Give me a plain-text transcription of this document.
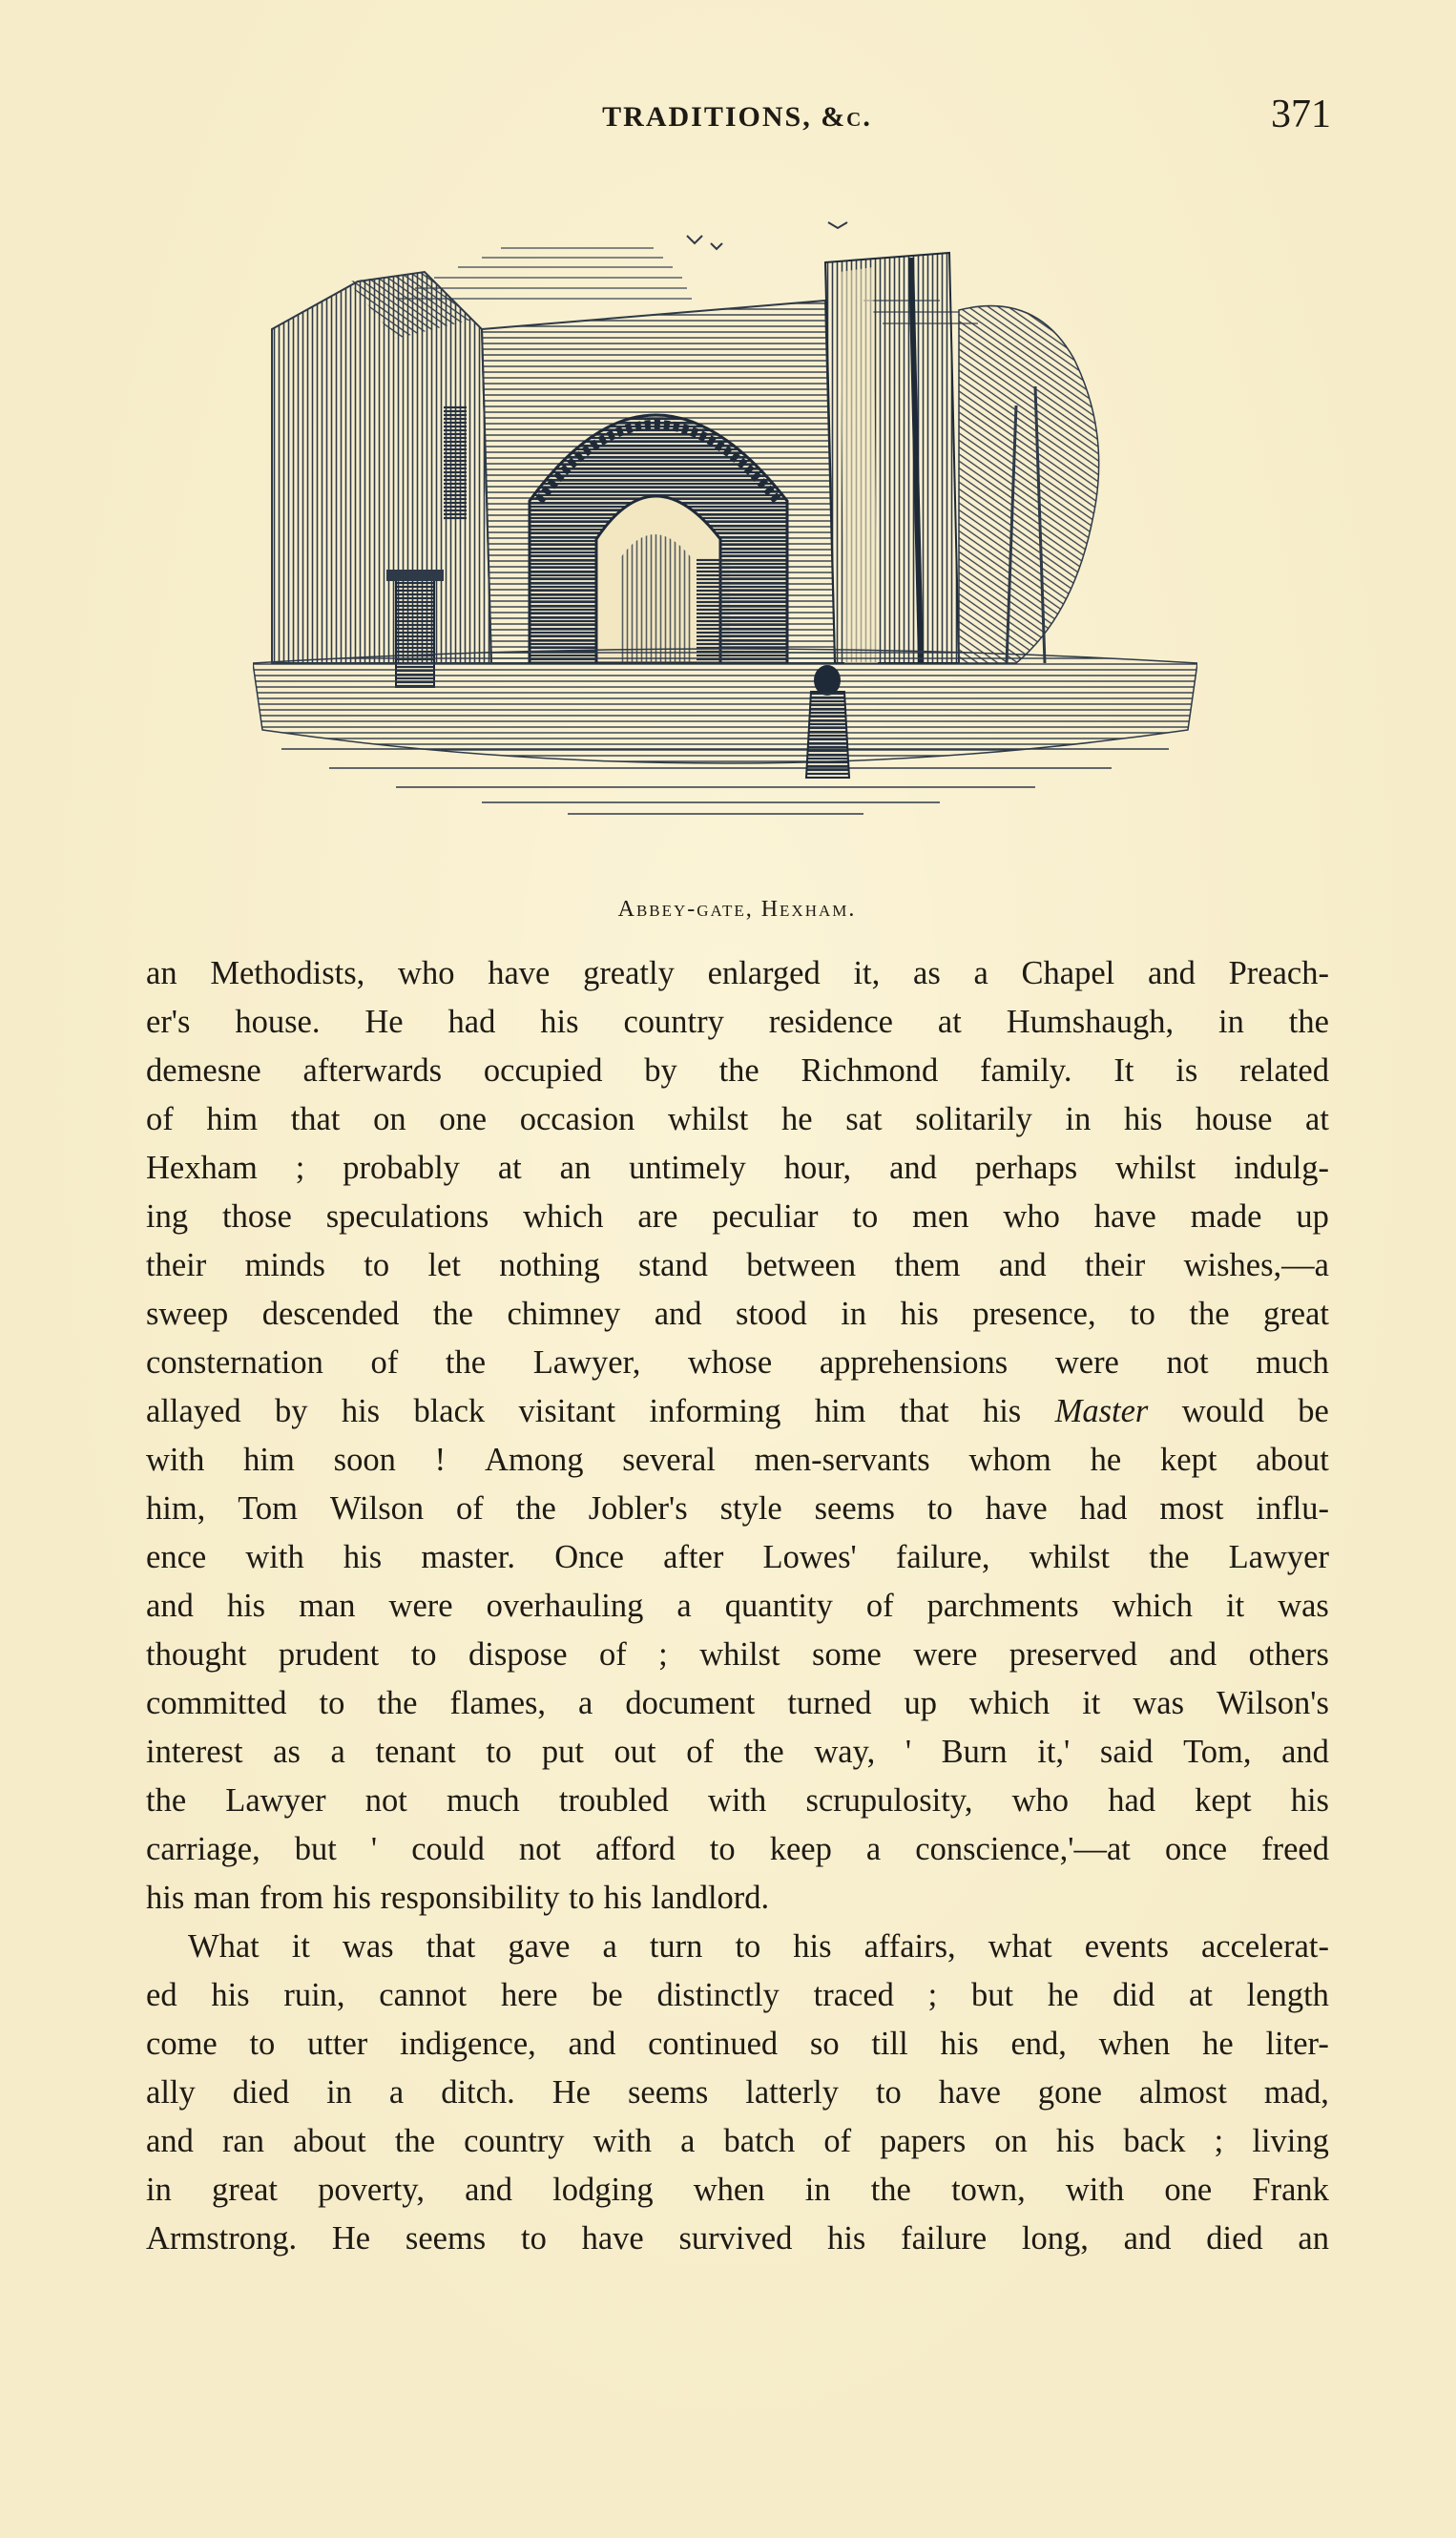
TRADITIONS, &c.	371
Abbey-gate, Hexham.
an Methodists, who have greatly enlarged it, as a Chapel and Preach-
er's house. He had his country residence at Humshaugh, in the
demesne afterwards occupied by the Richmond family. It is related
of him that on one occasion whilst he sat solitarily in his house at
Hexham ; probably at an untimely hour, and perhaps whilst indulg-
ing those speculations which are peculiar to men who have made up
their minds to let nothing stand between them and their wishes,—a
sweep descended the chimney and stood in his presence, to the great
consternation of the Lawyer, whose apprehensions were not much
allayed by his black visitant informing him that his Master would be
with him soon ! Among several men-servants whom he kept about
him, Tom Wilson of the Jobler's style seems to have had most influ-
ence with his master. Once after Lowes' failure, whilst the Lawyer
and his man were overhauling a quantity of parchments which it was
thought prudent to dispose of ; whilst some were preserved and others
committed to the flames, a document turned up which it was Wilson's
interest as a tenant to put out of the way, ' Burn it,' said Tom, and
the Lawyer not much troubled with scrupulosity, who had kept his
carriage, but ' could not afford to keep a conscience,'—at once freed
his man from his responsibility to his landlord.
What it was that gave a turn to his affairs, what events accelerat-
ed his ruin, cannot here be distinctly traced ; but he did at length
come to utter indigence, and continued so till his end, when he liter-
ally died in a ditch. He seems latterly to have gone almost mad,
and ran about the country with a batch of papers on his back ; living
in great poverty, and lodging when in the town, with one Frank
Armstrong. He seems to have survived his failure long, and died an
